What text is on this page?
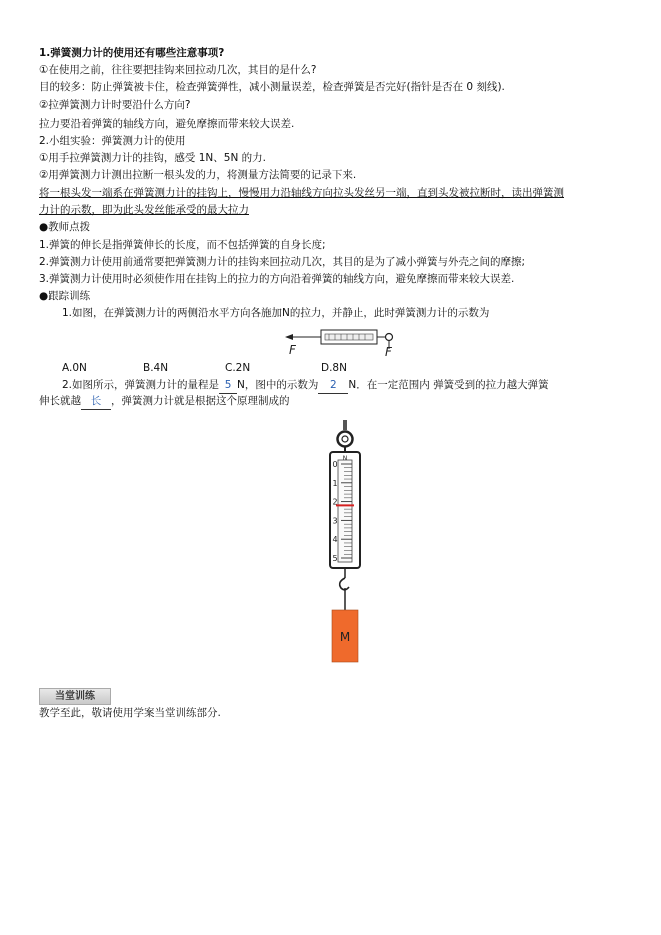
1.弹簧测力计的使用还有哪些注意事项?
①在使用之前，往往要把挂钩来回拉动几次，其目的是什么?
目的较多：防止弹簧被卡住，检查弹簧弹性，减小测量误差，检查弹簧是否完好(指针是否在 0 刻线).
②拉弹簧测力计时要沿什么方向?
拉力要沿着弹簧的轴线方向，避免摩擦而带来较大误差.
2.小组实验：弹簧测力计的使用
①用手拉弹簧测力计的挂钩，感受 1N、5N 的力.
②用弹簧测力计测出拉断一根头发的力，将测量方法简要的记录下来.
将一根头发一端系在弹簧测力计的挂钩上，慢慢用力沿轴线方向拉头发丝另一端，直到头发被拉断时，读出弹簧测
力计的示数，即为此头发丝能承受的最大拉力
●教师点拨
1.弹簧的伸长是指弹簧伸长的长度，而不包括弹簧的自身长度;
2.弹簧测力计使用前通常要把弹簧测力计的挂钩来回拉动几次，其目的是为了减小弹簧与外壳之间的摩擦;
3.弹簧测力计使用时必须使作用在挂钩上的拉力的方向沿着弹簧的轴线方向，避免摩擦而带来较大误差.
●跟踪训练
1.如图，在弹簧测力计的两侧沿水平方向各施加N的拉力，并静止，此时弹簧测力计的示数为
F	F
A.0N	B.4N	C.2N	D.8N
2.如图所示，弹簧测力计的量程是 5 N，图中的示数为 2 N．在一定范围内 弹簧受到的拉力越大弹簧
伸长就越 长 ，弹簧测力计就是根据这个原理制成的
N
0
1
2
3
4
5
M
当堂训练
教学至此，敬请使用学案当堂训练部分.
